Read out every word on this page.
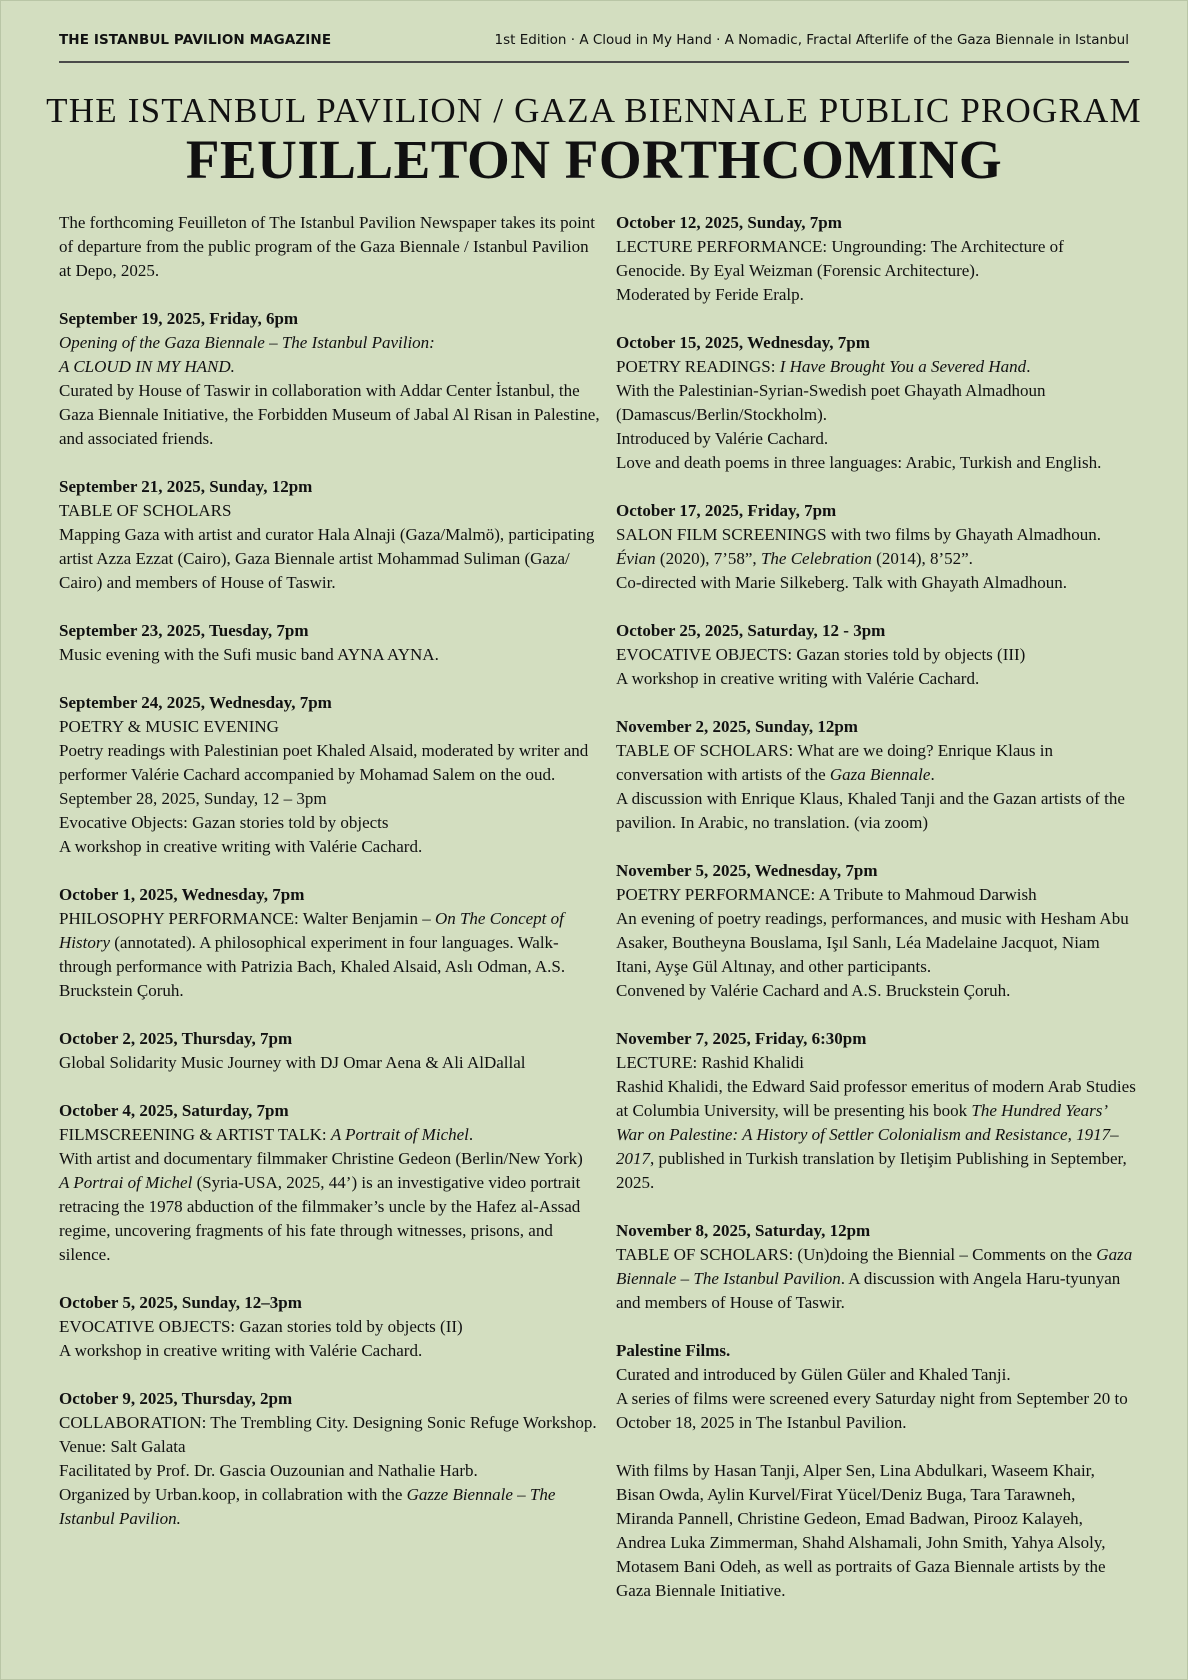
THE ISTANBUL PAVILION MAGAZINE	1st Edition · A Cloud in My Hand · A Nomadic, Fractal Afterlife of the Gaza Biennale in Istanbul
THE ISTANBUL PAVILION / GAZA BIENNALE PUBLIC PROGRAM
FEUILLETON FORTHCOMING

The forthcoming Feuilleton of The Istanbul Pavilion Newspaper takes its point of departure from the public program of the Gaza Biennale / Istanbul Pavilion at Depo, 2025.

September 19, 2025, Friday, 6pm
Opening of the Gaza Biennale – The Istanbul Pavilion:
A CLOUD IN MY HAND.
Curated by House of Taswir in collaboration with Addar Center İstanbul, the Gaza Biennale Initiative, the Forbidden Museum of Jabal Al Risan in Palestine, and associated friends.

September 21, 2025, Sunday, 12pm
TABLE OF SCHOLARS
Mapping Gaza with artist and curator Hala Alnaji (Gaza/Malmö), participating artist Azza Ezzat (Cairo), Gaza Biennale artist Mohammad Suliman (Gaza/ Cairo) and members of House of Taswir.

September 23, 2025, Tuesday, 7pm
Music evening with the Sufi music band AYNA AYNA.

September 24, 2025, Wednesday, 7pm
POETRY & MUSIC EVENING
Poetry readings with Palestinian poet Khaled Alsaid, moderated by writer and performer Valérie Cachard accompanied by Mohamad Salem on the oud.
September 28, 2025, Sunday, 12 – 3pm
Evocative Objects: Gazan stories told by objects
A workshop in creative writing with Valérie Cachard.

October 1, 2025, Wednesday, 7pm
PHILOSOPHY PERFORMANCE: Walter Benjamin – On The Concept of History (annotated). A philosophical experiment in four languages. Walk-through performance with Patrizia Bach, Khaled Alsaid, Aslı Odman, A.S. Bruckstein Çoruh.

October 2, 2025, Thursday, 7pm
Global Solidarity Music Journey with DJ Omar Aena & Ali AlDallal

October 4, 2025, Saturday, 7pm
FILMSCREENING & ARTIST TALK: A Portrait of Michel.
With artist and documentary filmmaker Christine Gedeon (Berlin/New York)
A Portrai of Michel (Syria-USA, 2025, 44’) is an investigative video portrait retracing the 1978 abduction of the filmmaker’s uncle by the Hafez al-Assad regime, uncovering fragments of his fate through witnesses, prisons, and silence.

October 5, 2025, Sunday, 12–3pm
EVOCATIVE OBJECTS: Gazan stories told by objects (II)
A workshop in creative writing with Valérie Cachard.

October 9, 2025, Thursday, 2pm
COLLABORATION: The Trembling City. Designing Sonic Refuge Workshop. Venue: Salt Galata
Facilitated by Prof. Dr. Gascia Ouzounian and Nathalie Harb.
Organized by Urban.koop, in collabration with the Gazze Biennale – The Istanbul Pavilion.

October 12, 2025, Sunday, 7pm
LECTURE PERFORMANCE: Ungrounding: The Architecture of Genocide. By Eyal Weizman (Forensic Architecture).
Moderated by Feride Eralp.

October 15, 2025, Wednesday, 7pm
POETRY READINGS: I Have Brought You a Severed Hand.
With the Palestinian-Syrian-Swedish poet Ghayath Almadhoun (Damascus/Berlin/Stockholm).
Introduced by Valérie Cachard.
Love and death poems in three languages: Arabic, Turkish and English.

October 17, 2025, Friday, 7pm
SALON FILM SCREENINGS with two films by Ghayath Almadhoun.
Évian (2020), 7’58”, The Celebration (2014), 8’52”.
Co-directed with Marie Silkeberg. Talk with Ghayath Almadhoun.

October 25, 2025, Saturday, 12 - 3pm
EVOCATIVE OBJECTS: Gazan stories told by objects (III)
A workshop in creative writing with Valérie Cachard.

November 2, 2025, Sunday, 12pm
TABLE OF SCHOLARS: What are we doing? Enrique Klaus in conversation with artists of the Gaza Biennale.
A discussion with Enrique Klaus, Khaled Tanji and the Gazan artists of the pavilion. In Arabic, no translation. (via zoom)

November 5, 2025, Wednesday, 7pm
POETRY PERFORMANCE: A Tribute to Mahmoud Darwish
An evening of poetry readings, performances, and music with Hesham Abu Asaker, Boutheyna Bouslama, Işıl Sanlı, Léa Madelaine Jacquot, Niam Itani, Ayşe Gül Altınay, and other participants.
Convened by Valérie Cachard and A.S. Bruckstein Çoruh.

November 7, 2025, Friday, 6:30pm
LECTURE: Rashid Khalidi
Rashid Khalidi, the Edward Said professor emeritus of modern Arab Studies at Columbia University, will be presenting his book The Hundred Years’ War on Palestine: A History of Settler Colonialism and Resistance, 1917–2017, published in Turkish translation by Iletişim Publishing in September, 2025.

November 8, 2025, Saturday, 12pm
TABLE OF SCHOLARS: (Un)doing the Biennial – Comments on the Gaza Biennale – The Istanbul Pavilion. A discussion with Angela Haru-tyunyan and members of House of Taswir.

Palestine Films.
Curated and introduced by Gülen Güler and Khaled Tanji.
A series of films were screened every Saturday night from September 20 to October 18, 2025 in The Istanbul Pavilion.

With films by Hasan Tanji, Alper Sen, Lina Abdulkari, Waseem Khair, Bisan Owda, Aylin Kurvel/Firat Yücel/Deniz Buga, Tara Tarawneh, Miranda Pannell, Christine Gedeon, Emad Badwan, Pirooz Kalayeh, Andrea Luka Zimmerman, Shahd Alshamali, John Smith, Yahya Alsoly, Motasem Bani Odeh, as well as portraits of Gaza Biennale artists by the Gaza Biennale Initiative.
